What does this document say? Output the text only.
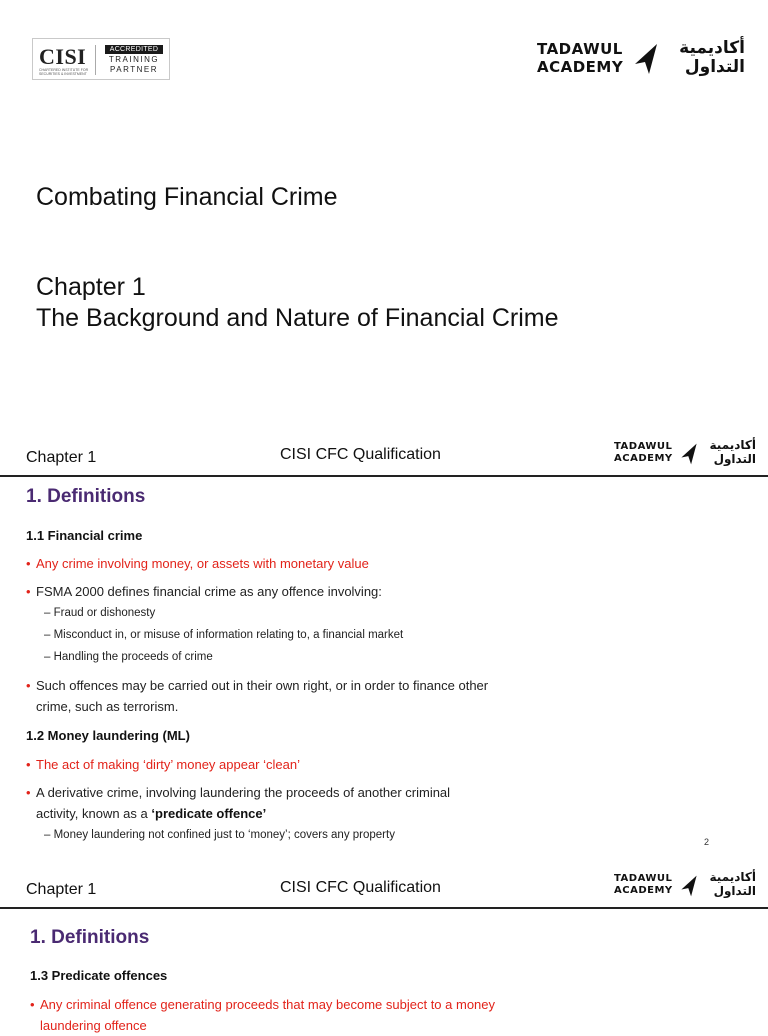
CISI
CHARTERED INSTITUTE FOR SECURITIES & INVESTMENT
ACCREDITED
TRAINING
PARTNER
TADAWUL
ACADEMY
أكاديمية
التداول
Combating Financial Crime
Chapter 1
The Background and Nature of Financial Crime
Chapter 1	CISI CFC Qualification	TADAWUL
ACADEMY
أكاديمية
التداول
1. Definitions
1.1 Financial crime
• Any crime involving money, or assets with monetary value
• FSMA 2000 defines financial crime as any offence involving:
– Fraud or dishonesty
– Misconduct in, or misuse of information relating to, a financial market
– Handling the proceeds of crime
• Such offences may be carried out in their own right, or in order to finance other
crime, such as terrorism.
1.2 Money laundering (ML)
• The act of making ‘dirty’ money appear ‘clean’
• A derivative crime, involving laundering the proceeds of another criminal
activity, known as a ‘predicate offence’
– Money laundering not confined just to ‘money’; covers any property
2
Chapter 1	CISI CFC Qualification
TADAWUL
ACADEMY
أكاديمية
التداول
1. Definitions
1.3 Predicate offences
• Any criminal offence generating proceeds that may become subject to a money
laundering offence
